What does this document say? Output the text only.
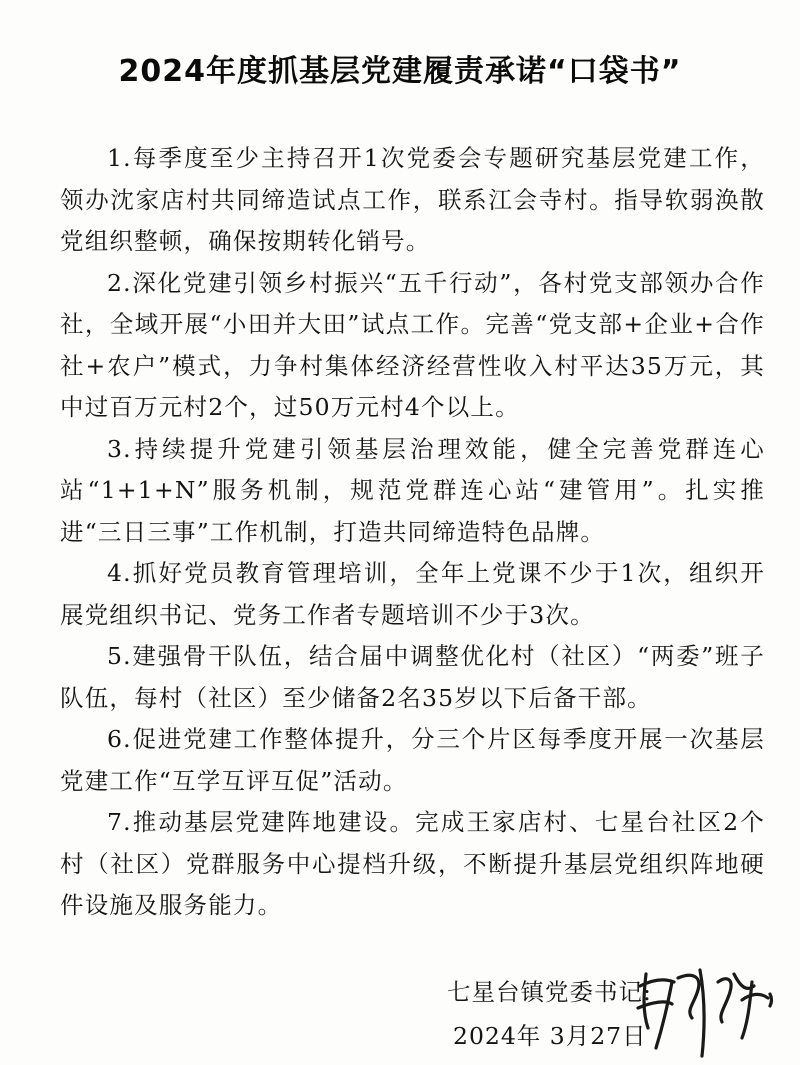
2024年度抓基层党建履责承诺“口袋书”

1.每季度至少主持召开1次党委会专题研究基层党建工作，领办沈家店村共同缔造试点工作，联系江会寺村。指导软弱涣散党组织整顿，确保按期转化销号。

2.深化党建引领乡村振兴“五千行动”，各村党支部领办合作社，全域开展“小田并大田”试点工作。完善“党支部+企业+合作社+农户”模式，力争村集体经济经营性收入村平达35万元，其中过百万元村2个，过50万元村4个以上。

3.持续提升党建引领基层治理效能，健全完善党群连心站“1+1+N”服务机制，规范党群连心站“建管用”。扎实推进“三日三事”工作机制，打造共同缔造特色品牌。

4.抓好党员教育管理培训，全年上党课不少于1次，组织开展党组织书记、党务工作者专题培训不少于3次。

5.建强骨干队伍，结合届中调整优化村（社区）“两委”班子队伍，每村（社区）至少储备2名35岁以下后备干部。

6.促进党建工作整体提升，分三个片区每季度开展一次基层党建工作“互学互评互促”活动。

7.推动基层党建阵地建设。完成王家店村、七星台社区2个村（社区）党群服务中心提档升级，不断提升基层党组织阵地硬件设施及服务能力。

七星台镇党委书记:
2024年 3月27日
